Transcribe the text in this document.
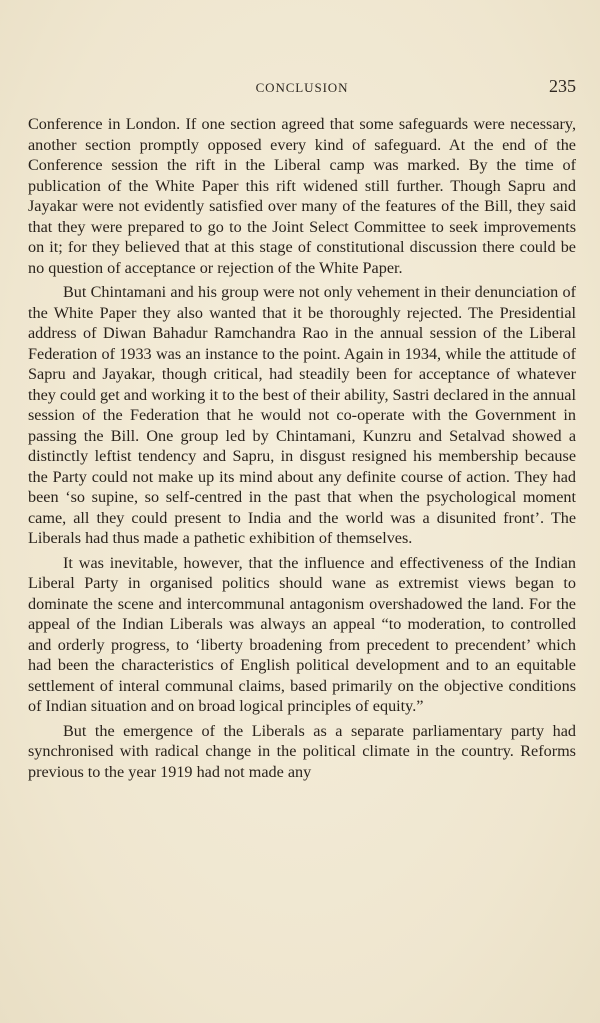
CONCLUSION	235

Conference in London. If one section agreed that some safeguards were necessary, another section promptly opposed every kind of safeguard. At the end of the Conference session the rift in the Liberal camp was marked. By the time of publication of the White Paper this rift widened still further. Though Sapru and Jayakar were not evidently satisfied over many of the features of the Bill, they said that they were prepared to go to the Joint Select Committee to seek improvements on it; for they believed that at this stage of constitutional discussion there could be no question of acceptance or rejection of the White Paper.

But Chintamani and his group were not only vehement in their denunciation of the White Paper they also wanted that it be thoroughly rejected. The Presidential address of Diwan Bahadur Ramchandra Rao in the annual session of the Liberal Federation of 1933 was an instance to the point. Again in 1934, while the attitude of Sapru and Jayakar, though critical, had steadily been for acceptance of whatever they could get and working it to the best of their ability, Sastri declared in the annual session of the Federation that he would not co-operate with the Government in passing the Bill. One group led by Chintamani, Kunzru and Setalvad showed a distinctly leftist tendency and Sapru, in disgust resigned his membership because the Party could not make up its mind about any definite course of action. They had been ‘so supine, so self-centred in the past that when the psychological moment came, all they could present to India and the world was a disunited front’. The Liberals had thus made a pathetic exhibition of themselves.

It was inevitable, however, that the influence and effectiveness of the Indian Liberal Party in organised politics should wane as extremist views began to dominate the scene and intercommunal antagonism overshadowed the land. For the appeal of the Indian Liberals was always an appeal “to moderation, to controlled and orderly progress, to ‘liberty broadening from precedent to precendent’ which had been the characteristics of English political development and to an equitable settlement of interal communal claims, based primarily on the objective conditions of Indian situation and on broad logical principles of equity.”

But the emergence of the Liberals as a separate parliamentary party had synchronised with radical change in the political climate in the country. Reforms previous to the year 1919 had not made any
